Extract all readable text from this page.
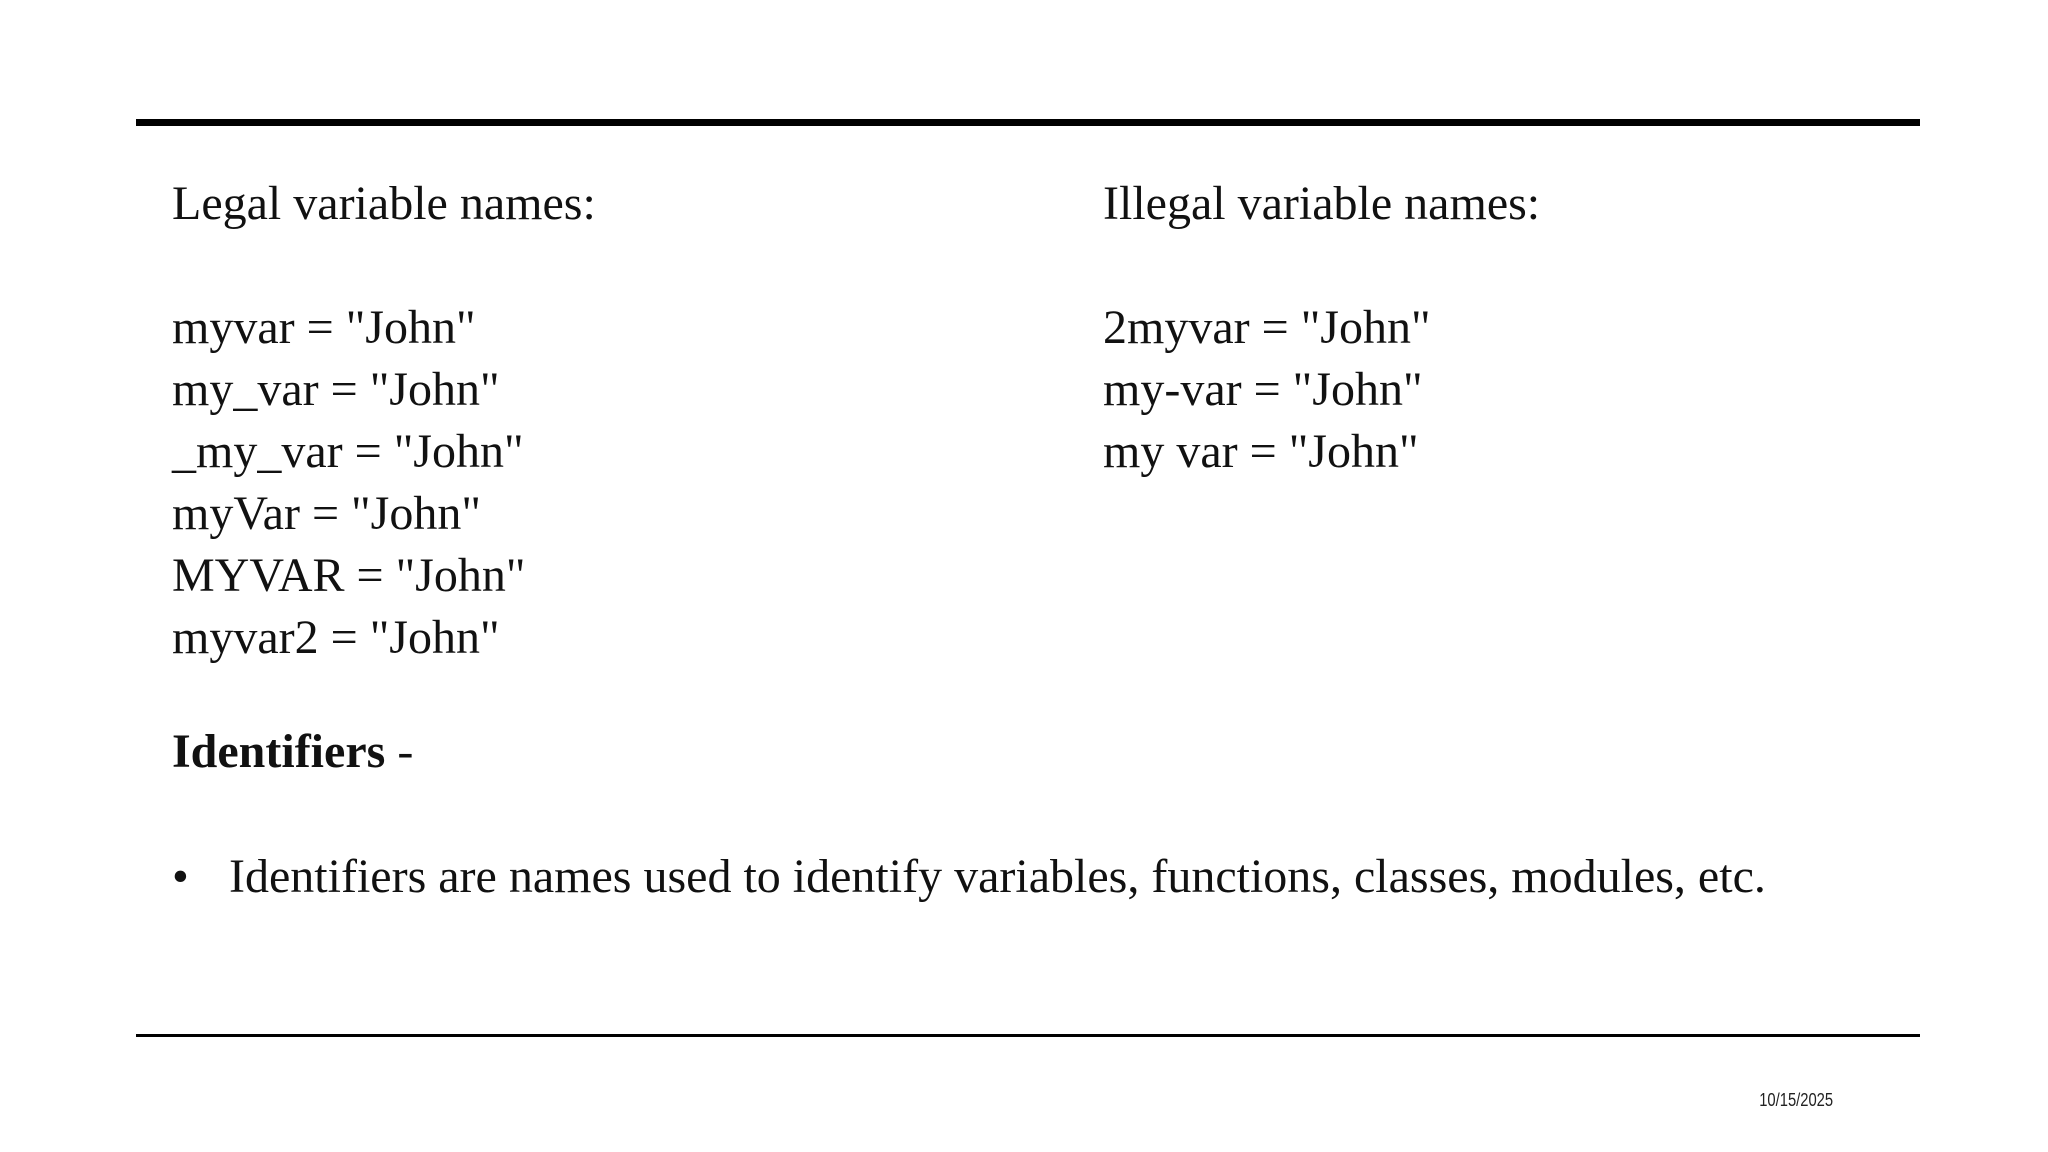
Legal variable names:
myvar = "John"
my_var = "John"
_my_var = "John"
myVar = "John"
MYVAR = "John"
myvar2 = "John"
Illegal variable names:
2myvar = "John"
my-var = "John"
my var = "John"
Identifiers -
• Identifiers are names used to identify variables, functions, classes, modules, etc.
10/15/2025
